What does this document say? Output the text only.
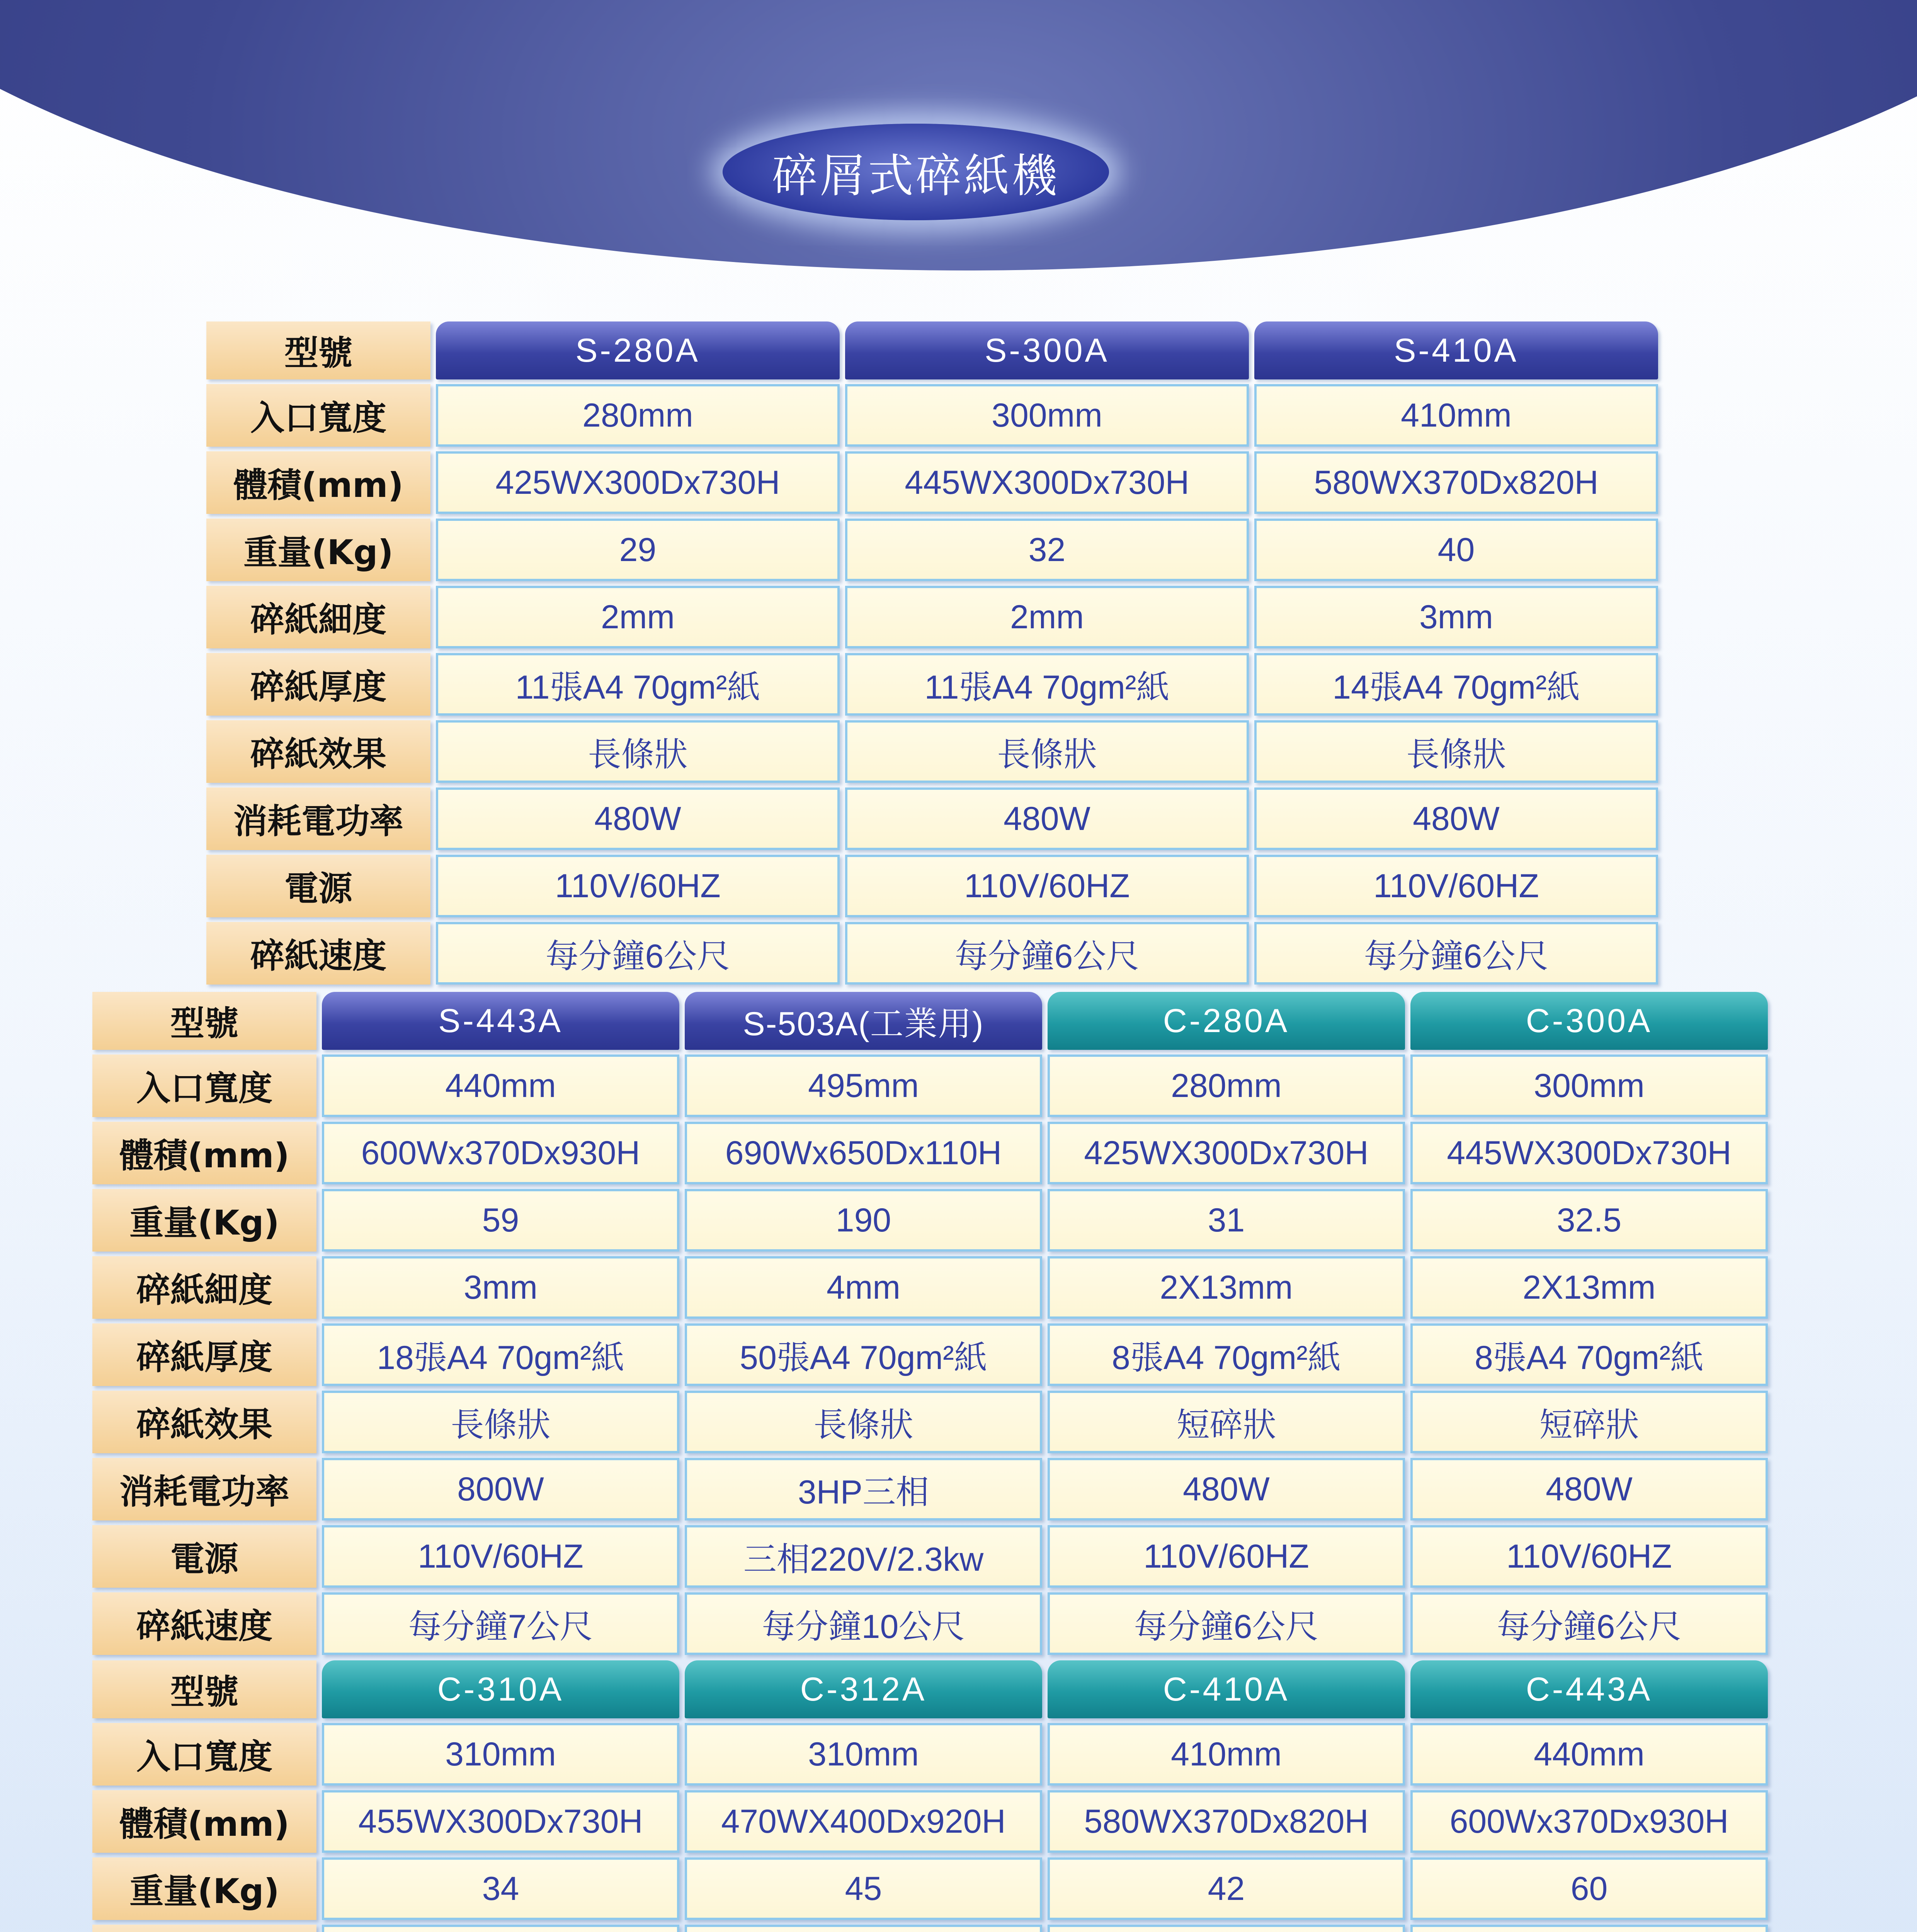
碎屑式碎紙機
型號	S-280A	S-300A	S-410A
入口寬度	280mm	300mm	410mm
體積(mm)	425WX300Dx730H	445WX300Dx730H	580WX370Dx820H
重量(Kg)	29	32	40
碎紙細度	2mm	2mm	3mm
碎紙厚度	11張A4 70gm²紙	11張A4 70gm²紙	14張A4 70gm²紙
碎紙效果	長條狀	長條狀	長條狀
消耗電功率	480W	480W	480W
電源	110V/60HZ	110V/60HZ	110V/60HZ
碎紙速度	每分鐘6公尺	每分鐘6公尺	每分鐘6公尺
型號	S-443A	S-503A(工業用)	C-280A	C-300A
入口寬度	440mm	495mm	280mm	300mm
體積(mm)	600Wx370Dx930H	690Wx650Dx110H	425WX300Dx730H	445WX300Dx730H
重量(Kg)	59	190	31	32.5
碎紙細度	3mm	4mm	2X13mm	2X13mm
碎紙厚度	18張A4 70gm²紙	50張A4 70gm²紙	8張A4 70gm²紙	8張A4 70gm²紙
碎紙效果	長條狀	長條狀	短碎狀	短碎狀
消耗電功率	800W	3HP三相	480W	480W
電源	110V/60HZ	三相220V/2.3kw	110V/60HZ	110V/60HZ
碎紙速度	每分鐘7公尺	每分鐘10公尺	每分鐘6公尺	每分鐘6公尺
型號	C-310A	C-312A	C-410A	C-443A
入口寬度	310mm	310mm	410mm	440mm
體積(mm)	455WX300Dx730H	470WX400Dx920H	580WX370Dx820H	600Wx370Dx930H
重量(Kg)	34	45	42	60
